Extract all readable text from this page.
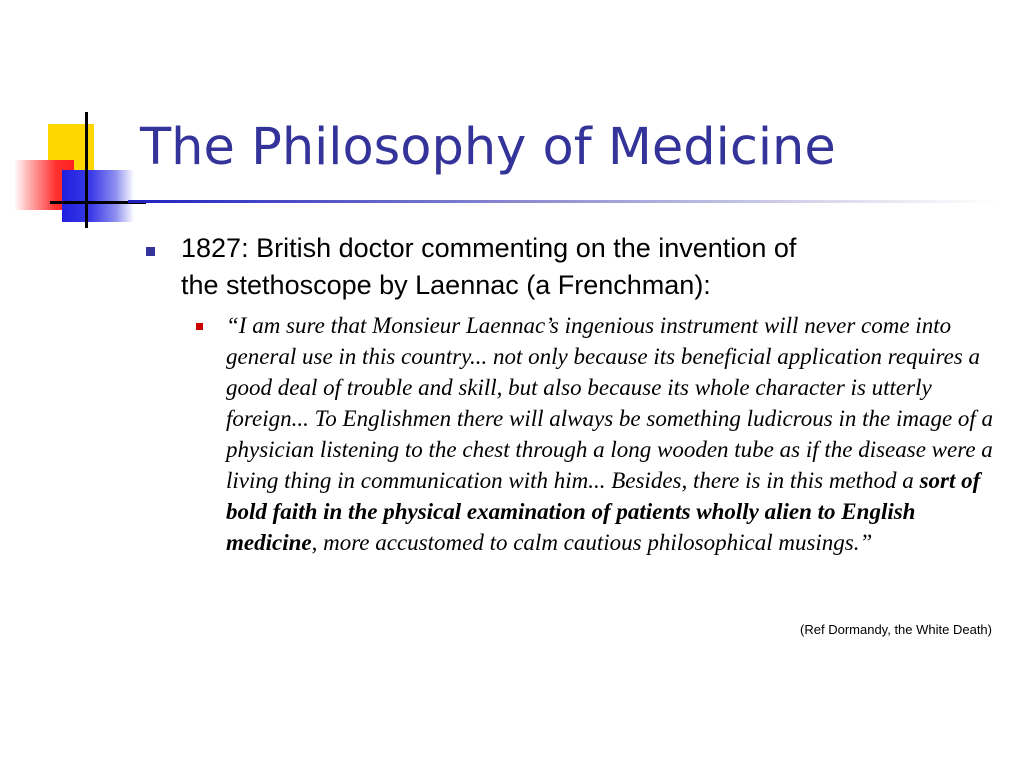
The Philosophy of Medicine
1827: British doctor commenting on the invention of
the stethoscope by Laennac (a Frenchman):
“I am sure that Monsieur Laennac’s ingenious instrument will never come into general use in this country... not only because its beneficial application requires a good deal of trouble and skill, but also because its whole character is utterly foreign... To Englishmen there will always be something ludicrous in the image of a physician listening to the chest through a long wooden tube as if the disease were a living thing in communication with him... Besides, there is in this method a sort of bold faith in the physical examination of patients wholly alien to English medicine, more accustomed to calm cautious philosophical musings.”
(Ref Dormandy, the White Death)
